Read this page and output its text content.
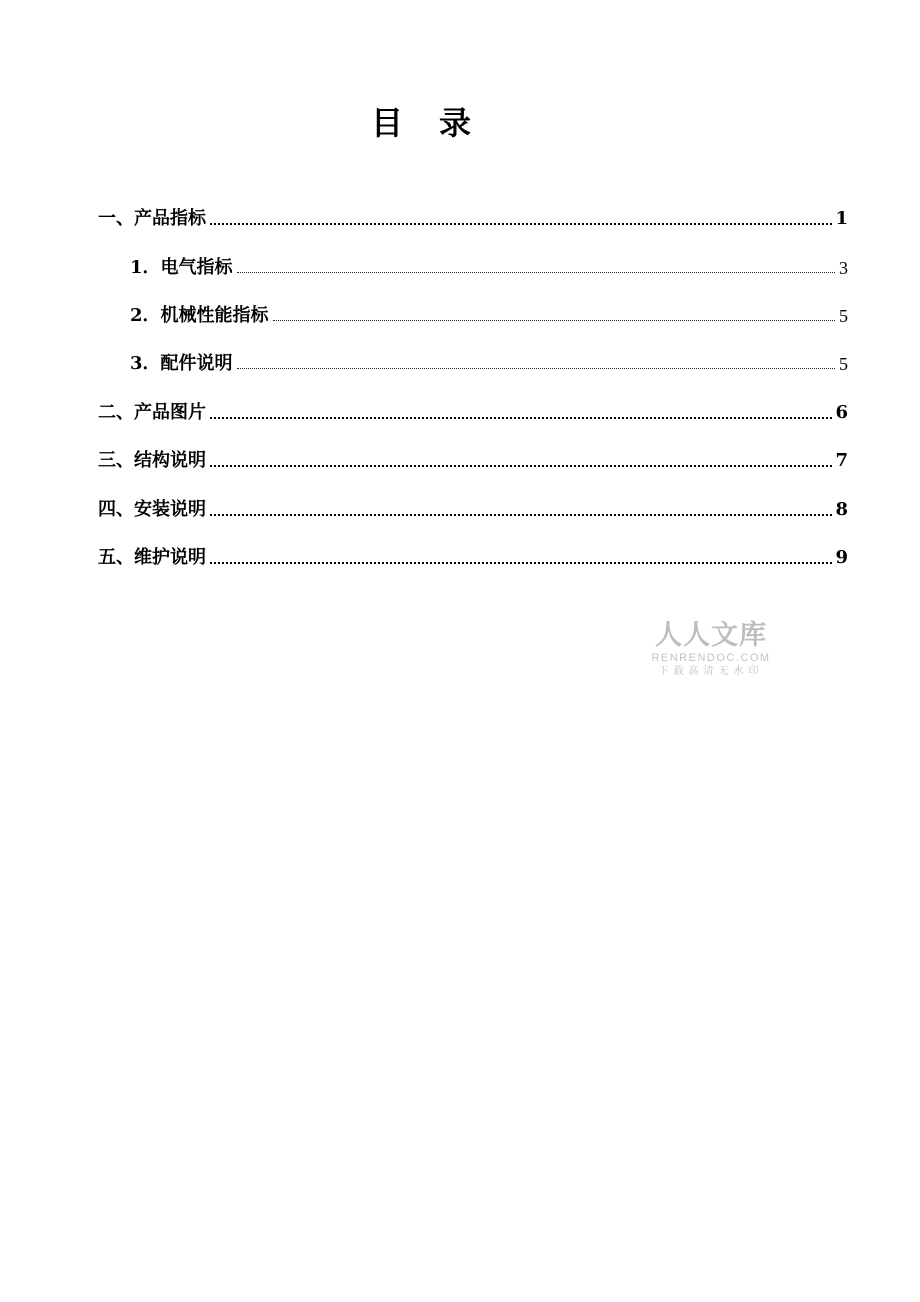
目 录
一、产品指标	1
1．电气指标	3
2．机械性能指标	5
3．配件说明	5
二、产品图片	6
三、结构说明	7
四、安装说明	8
五、维护说明	9
人人文库
RENRENDOC.COM
下载高清无水印
